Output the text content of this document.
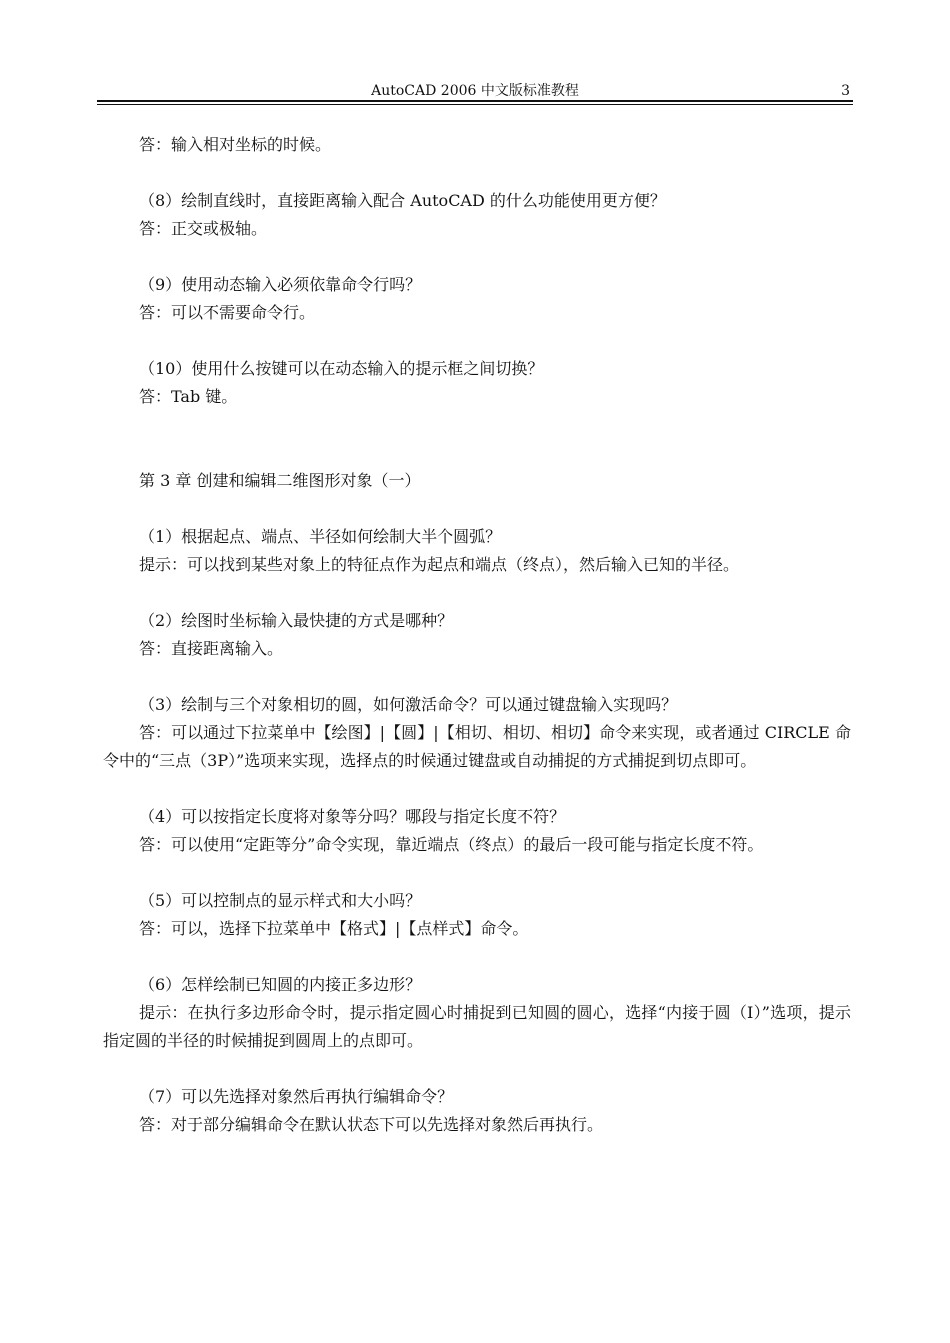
AutoCAD 2006 中文版标准教程	3

答：输入相对坐标的时候。

（8）绘制直线时，直接距离输入配合 AutoCAD 的什么功能使用更方便？

答：正交或极轴。

（9）使用动态输入必须依靠命令行吗？

答：可以不需要命令行。

（10）使用什么按键可以在动态输入的提示框之间切换？

答：Tab 键。

第 3 章 创建和编辑二维图形对象（一）

（1）根据起点、端点、半径如何绘制大半个圆弧？

提示：可以找到某些对象上的特征点作为起点和端点（终点），然后输入已知的半径。

（2）绘图时坐标输入最快捷的方式是哪种？

答：直接距离输入。

（3）绘制与三个对象相切的圆，如何激活命令？可以通过键盘输入实现吗？

答：可以通过下拉菜单中【绘图】|【圆】|【相切、相切、相切】命令来实现，或者通过 CIRCLE 命令中的“三点（3P）”选项来实现，选择点的时候通过键盘或自动捕捉的方式捕捉到切点即可。

（4）可以按指定长度将对象等分吗？哪段与指定长度不符？

答：可以使用“定距等分”命令实现，靠近端点（终点）的最后一段可能与指定长度不符。

（5）可以控制点的显示样式和大小吗？

答：可以，选择下拉菜单中【格式】|【点样式】命令。

（6）怎样绘制已知圆的内接正多边形？

提示：在执行多边形命令时，提示指定圆心时捕捉到已知圆的圆心，选择“内接于圆（I）”选项，提示指定圆的半径的时候捕捉到圆周上的点即可。

（7）可以先选择对象然后再执行编辑命令？

答：对于部分编辑命令在默认状态下可以先选择对象然后再执行。
